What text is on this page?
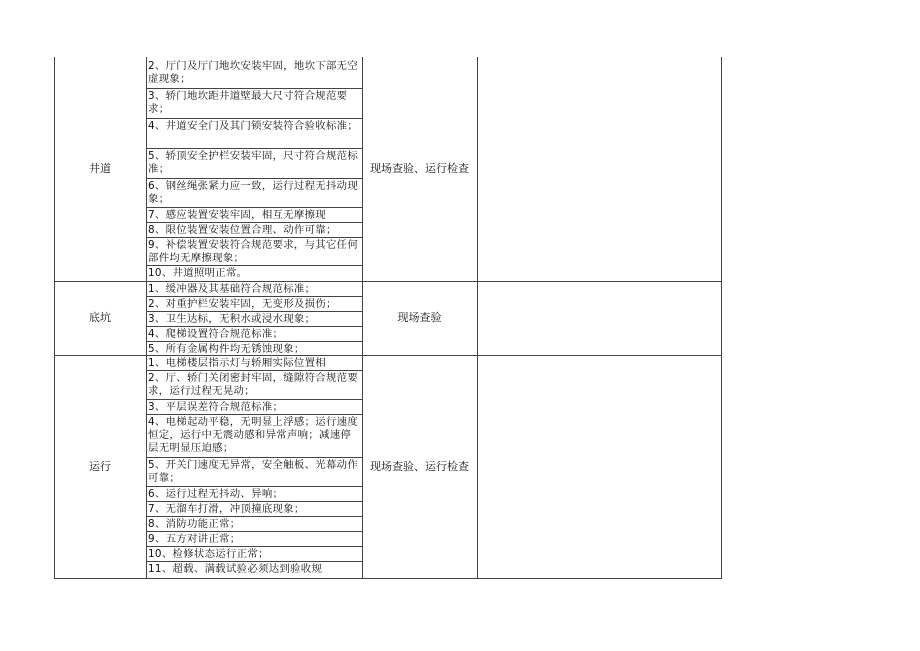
井道	现场查验、运行检查
2、厅门及厅门地坎安装牢固，地坎下部无空虚现象；
3、轿门地坎距井道壁最大尺寸符合规范要求；
4、井道安全门及其门锁安装符合验收标准；
5、轿顶安全护栏安装牢固，尺寸符合规范标准；
6、钢丝绳张紧力应一致，运行过程无抖动现象；
7、感应装置安装牢固，相互无摩擦现
8、限位装置安装位置合理、动作可靠；
9、补偿装置安装符合规范要求，与其它任何部件均无摩擦现象；
10、井道照明正常。
底坑	现场查验
1、缓冲器及其基础符合规范标准；
2、对重护栏安装牢固，无变形及损伤；
3、卫生达标，无积水或浸水现象；
4、爬梯设置符合规范标准；
5、所有金属构件均无锈蚀现象；
运行	现场查验、运行检查
1、电梯楼层指示灯与轿厢实际位置相
2、厅、轿门关闭密封牢固，缝隙符合规范要求，运行过程无晃动；
3、平层误差符合规范标准；
4、电梯起动平稳，无明显上浮感；运行速度恒定，运行中无震动感和异常声响；减速停层无明显压迫感；
5、开关门速度无异常，安全触板、光幕动作可靠；
6、运行过程无抖动、异响；
7、无溜车打滑，冲顶撞底现象；
8、消防功能正常；
9、五方对讲正常；
10、检修状态运行正常；
11、超载、满载试验必须达到验收规
